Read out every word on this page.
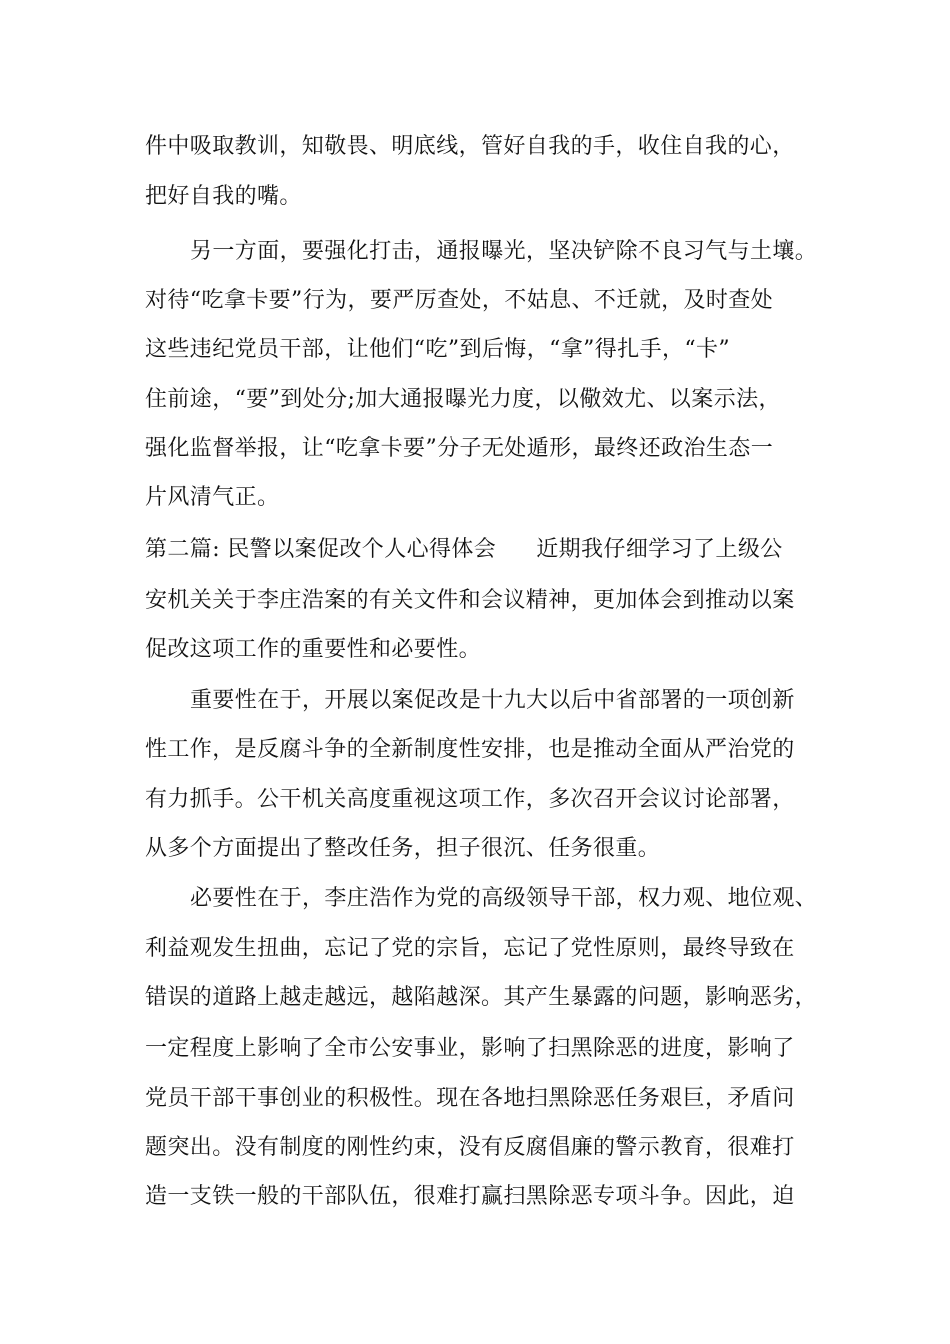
件中吸取教训，知敬畏、明底线，管好自我的手，收住自我的心，
把好自我的嘴。
另一方面，要强化打击，通报曝光，坚决铲除不良习气与土壤。
对待“吃拿卡要”行为，要严厉查处，不姑息、不迁就，及时查处
这些违纪党员干部，让他们“吃”到后悔，“拿”得扎手，“卡”
住前途，“要”到处分;加大通报曝光力度，以儆效尤、以案示法，
强化监督举报，让“吃拿卡要”分子无处遁形，最终还政治生态一
片风清气正。
第二篇: 民警以案促改个人心得体会 近期我仔细学习了上级公
安机关关于李庄浩案的有关文件和会议精神，更加体会到推动以案
促改这项工作的重要性和必要性。
重要性在于，开展以案促改是十九大以后中省部署的一项创新
性工作，是反腐斗争的全新制度性安排，也是推动全面从严治党的
有力抓手。公干机关高度重视这项工作，多次召开会议讨论部署，
从多个方面提出了整改任务，担子很沉、任务很重。
必要性在于，李庄浩作为党的高级领导干部，权力观、地位观、
利益观发生扭曲，忘记了党的宗旨，忘记了党性原则，最终导致在
错误的道路上越走越远，越陷越深。其产生暴露的问题，影响恶劣，
一定程度上影响了全市公安事业，影响了扫黑除恶的进度，影响了
党员干部干事创业的积极性。现在各地扫黑除恶任务艰巨，矛盾问
题突出。没有制度的刚性约束，没有反腐倡廉的警示教育，很难打
造一支铁一般的干部队伍，很难打赢扫黑除恶专项斗争。因此，迫
